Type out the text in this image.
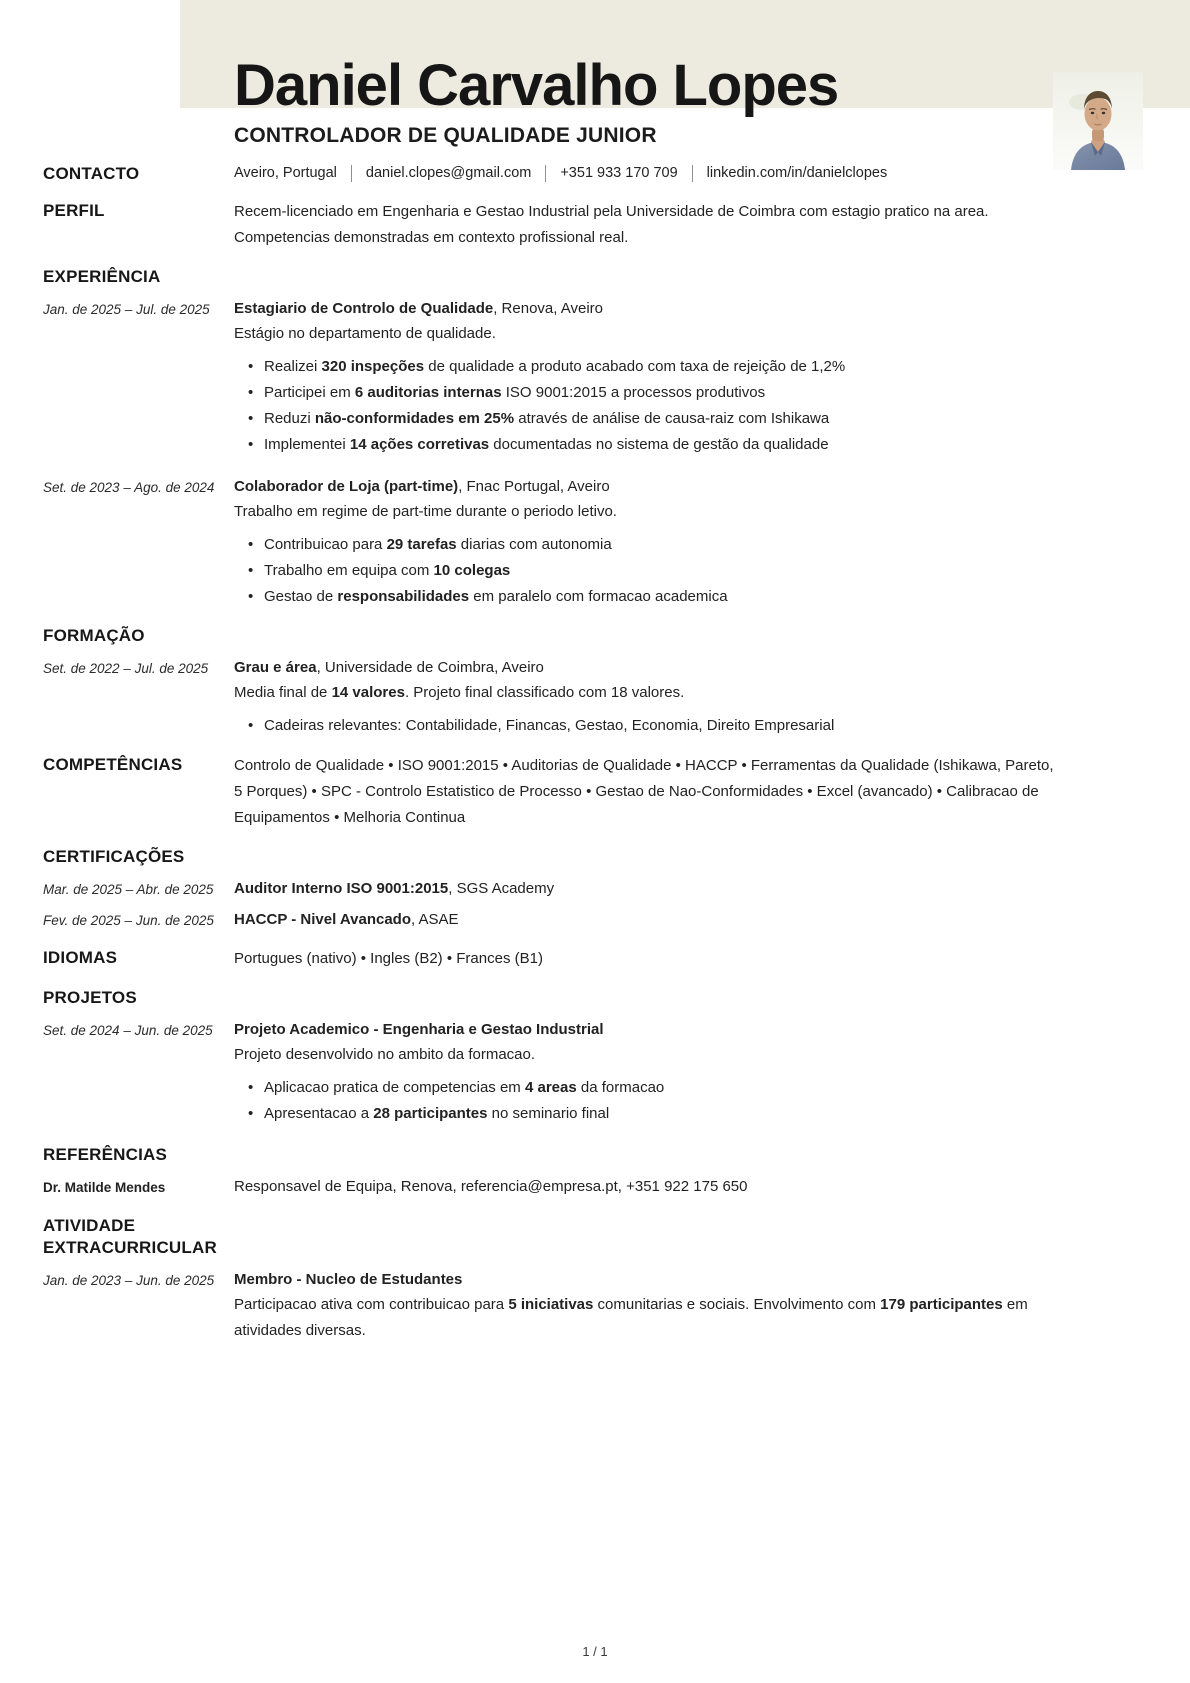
Daniel Carvalho Lopes
CONTROLADOR DE QUALIDADE JUNIOR
CONTACTO	Aveiro, Portugal daniel.clopes@gmail.com +351 933 170 709 linkedin.com/in/danielclopes
PERFIL	Recem-licenciado em Engenharia e Gestao Industrial pela Universidade de Coimbra com estagio pratico na area. Competencias demonstradas em contexto profissional real.
EXPERIÊNCIA
Jan. de 2025 – Jul. de 2025	Estagiario de Controlo de Qualidade, Renova, Aveiro
Estágio no departamento de qualidade.
• Realizei 320 inspeções de qualidade a produto acabado com taxa de rejeição de 1,2%
• Participei em 6 auditorias internas ISO 9001:2015 a processos produtivos
• Reduzi não-conformidades em 25% através de análise de causa-raiz com Ishikawa
• Implementei 14 ações corretivas documentadas no sistema de gestão da qualidade
Set. de 2023 – Ago. de 2024	Colaborador de Loja (part-time), Fnac Portugal, Aveiro
Trabalho em regime de part-time durante o periodo letivo.
• Contribuicao para 29 tarefas diarias com autonomia
• Trabalho em equipa com 10 colegas
• Gestao de responsabilidades em paralelo com formacao academica
FORMAÇÃO
Set. de 2022 – Jul. de 2025	Grau e área, Universidade de Coimbra, Aveiro
Media final de 14 valores. Projeto final classificado com 18 valores.
• Cadeiras relevantes: Contabilidade, Financas, Gestao, Economia, Direito Empresarial
COMPETÊNCIAS	Controlo de Qualidade • ISO 9001:2015 • Auditorias de Qualidade • HACCP • Ferramentas da Qualidade (Ishikawa, Pareto, 5 Porques) • SPC - Controlo Estatistico de Processo • Gestao de Nao-Conformidades • Excel (avancado) • Calibracao de Equipamentos • Melhoria Continua
CERTIFICAÇÕES
Mar. de 2025 – Abr. de 2025	Auditor Interno ISO 9001:2015, SGS Academy
Fev. de 2025 – Jun. de 2025	HACCP - Nivel Avancado, ASAE
IDIOMAS	Portugues (nativo) • Ingles (B2) • Frances (B1)
PROJETOS
Set. de 2024 – Jun. de 2025	Projeto Academico - Engenharia e Gestao Industrial
Projeto desenvolvido no ambito da formacao.
• Aplicacao pratica de competencias em 4 areas da formacao
• Apresentacao a 28 participantes no seminario final
REFERÊNCIAS
Dr. Matilde Mendes	Responsavel de Equipa, Renova, referencia@empresa.pt, +351 922 175 650
ATIVIDADE EXTRACURRICULAR
Jan. de 2023 – Jun. de 2025	Membro - Nucleo de Estudantes
Participacao ativa com contribuicao para 5 iniciativas comunitarias e sociais. Envolvimento com 179 participantes em atividades diversas.
1 / 1
